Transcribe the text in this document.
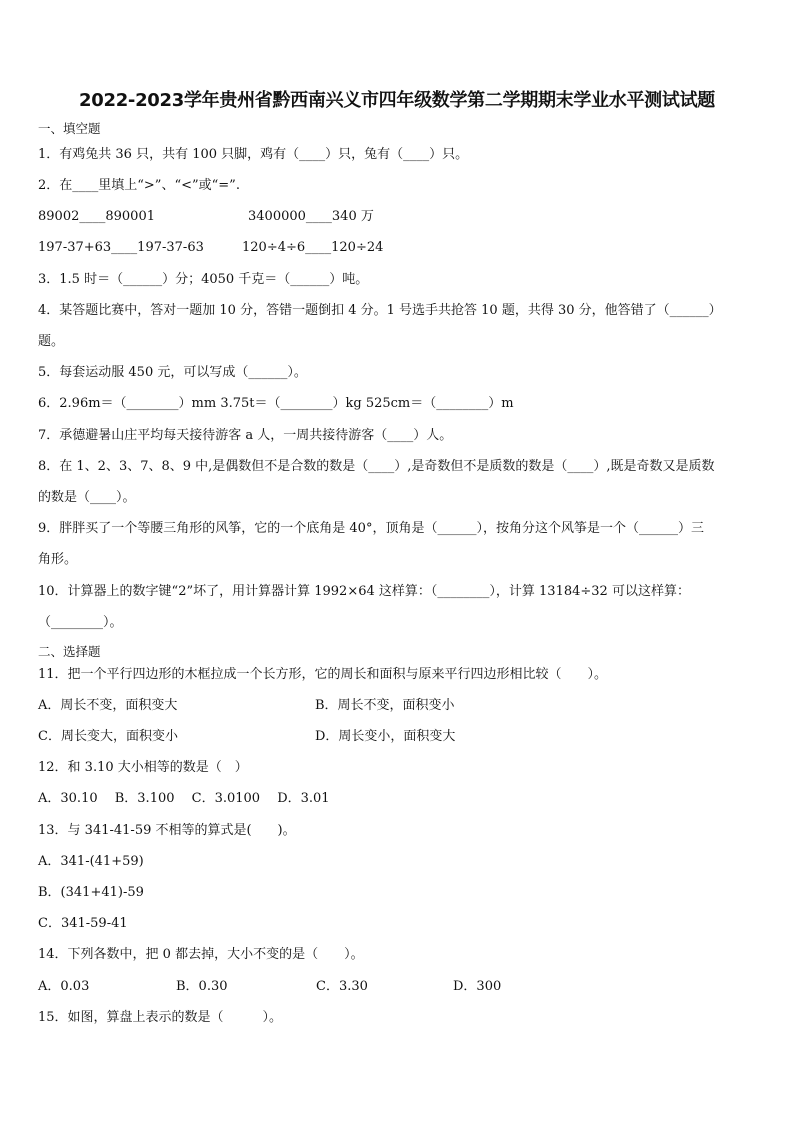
2022-2023学年贵州省黔西南兴义市四年级数学第二学期期末学业水平测试试题
一、填空题
1．有鸡兔共 36 只，共有 100 只脚，鸡有（____）只，兔有（____）只。
2．在____里填上“>”、“<”或“=”.
89002____890001	3400000____340 万
197-37+63____197-37-63	120÷4÷6____120÷24
3．1.5 时＝（______）分；4050 千克＝（______）吨。
4．某答题比赛中，答对一题加 10 分，答错一题倒扣 4 分。1 号选手共抢答 10 题，共得 30 分，他答错了（______）
题。
5．每套运动服 450 元，可以写成（______）。
6．2.96m＝（________）mm 3.75t＝（________）kg 525cm＝（________）m
7．承德避暑山庄平均每天接待游客 a 人，一周共接待游客（____）人。
8．在 1、2、3、7、8、9 中,是偶数但不是合数的数是（____）,是奇数但不是质数的数是（____）,既是奇数又是质数
的数是（____）。
9．胖胖买了一个等腰三角形的风筝，它的一个底角是 40°，顶角是（______），按角分这个风筝是一个（______）三
角形。
10．计算器上的数字键“2”坏了，用计算器计算 1992×64 这样算：（________），计算 13184÷32 可以这样算：
（________）。
二、选择题
11．把一个平行四边形的木框拉成一个长方形，它的周长和面积与原来平行四边形相比较（　　）。
A．周长不变，面积变大	B．周长不变，面积变小
C．周长变大，面积变小	D．周长变小，面积变大
12．和 3.10 大小相等的数是（　）
A．30.10　 B．3.100　 C．3.0100　 D．3.01
13．与 341-41-59 不相等的算式是(　　)。
A．341-(41+59)
B．(341+41)-59
C．341-59-41
14．下列各数中，把 0 都去掉，大小不变的是（　　）。
A．0.03	B．0.30	C．3.30	D．300
15．如图，算盘上表示的数是（　　　）。
